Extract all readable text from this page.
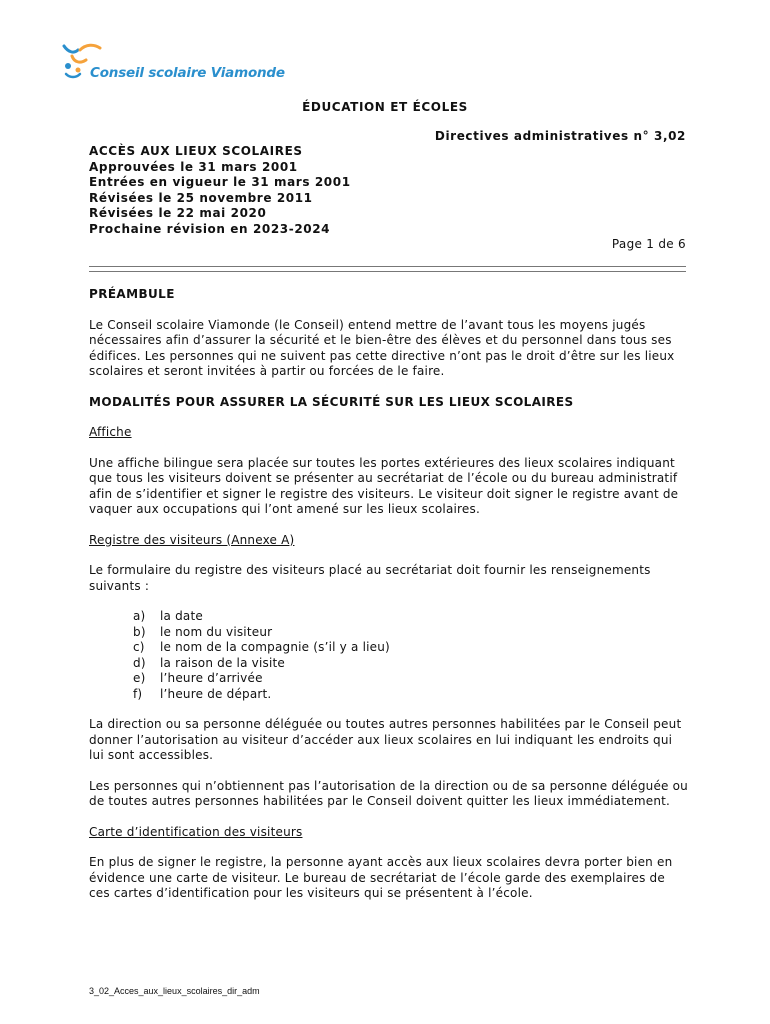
Conseil scolaire Viamonde
ÉDUCATION ET ÉCOLES
Directives administratives n° 3,02
ACCÈS AUX LIEUX SCOLAIRES
Approuvées le 31 mars 2001
Entrées en vigueur le 31 mars 2001
Révisées le 25 novembre 2011
Révisées le 22 mai 2020
Prochaine révision en 2023-2024
Page 1 de 6
PRÉAMBULE

Le Conseil scolaire Viamonde (le Conseil) entend mettre de l’avant tous les moyens jugés nécessaires afin d’assurer la sécurité et le bien-être des élèves et du personnel dans tous ses édifices. Les personnes qui ne suivent pas cette directive n’ont pas le droit d’être sur les lieux scolaires et seront invitées à partir ou forcées de le faire.

MODALITÉS POUR ASSURER LA SÉCURITÉ SUR LES LIEUX SCOLAIRES

Affiche

Une affiche bilingue sera placée sur toutes les portes extérieures des lieux scolaires indiquant que tous les visiteurs doivent se présenter au secrétariat de l’école ou du bureau administratif afin de s’identifier et signer le registre des visiteurs. Le visiteur doit signer le registre avant de vaquer aux occupations qui l’ont amené sur les lieux scolaires.

Registre des visiteurs (Annexe A)

Le formulaire du registre des visiteurs placé au secrétariat doit fournir les renseignements suivants :

a)	la date
b)	le nom du visiteur
c)	le nom de la compagnie (s’il y a lieu)
d)	la raison de la visite
e)	l’heure d’arrivée
f)	l’heure de départ.

La direction ou sa personne déléguée ou toutes autres personnes habilitées par le Conseil peut donner l’autorisation au visiteur d’accéder aux lieux scolaires en lui indiquant les endroits qui lui sont accessibles.

Les personnes qui n’obtiennent pas l’autorisation de la direction ou de sa personne déléguée ou de toutes autres personnes habilitées par le Conseil doivent quitter les lieux immédiatement.

Carte d’identification des visiteurs

En plus de signer le registre, la personne ayant accès aux lieux scolaires devra porter bien en évidence une carte de visiteur. Le bureau de secrétariat de l’école garde des exemplaires de ces cartes d’identification pour les visiteurs qui se présentent à l’école.

3_02_Acces_aux_lieux_scolaires_dir_adm
